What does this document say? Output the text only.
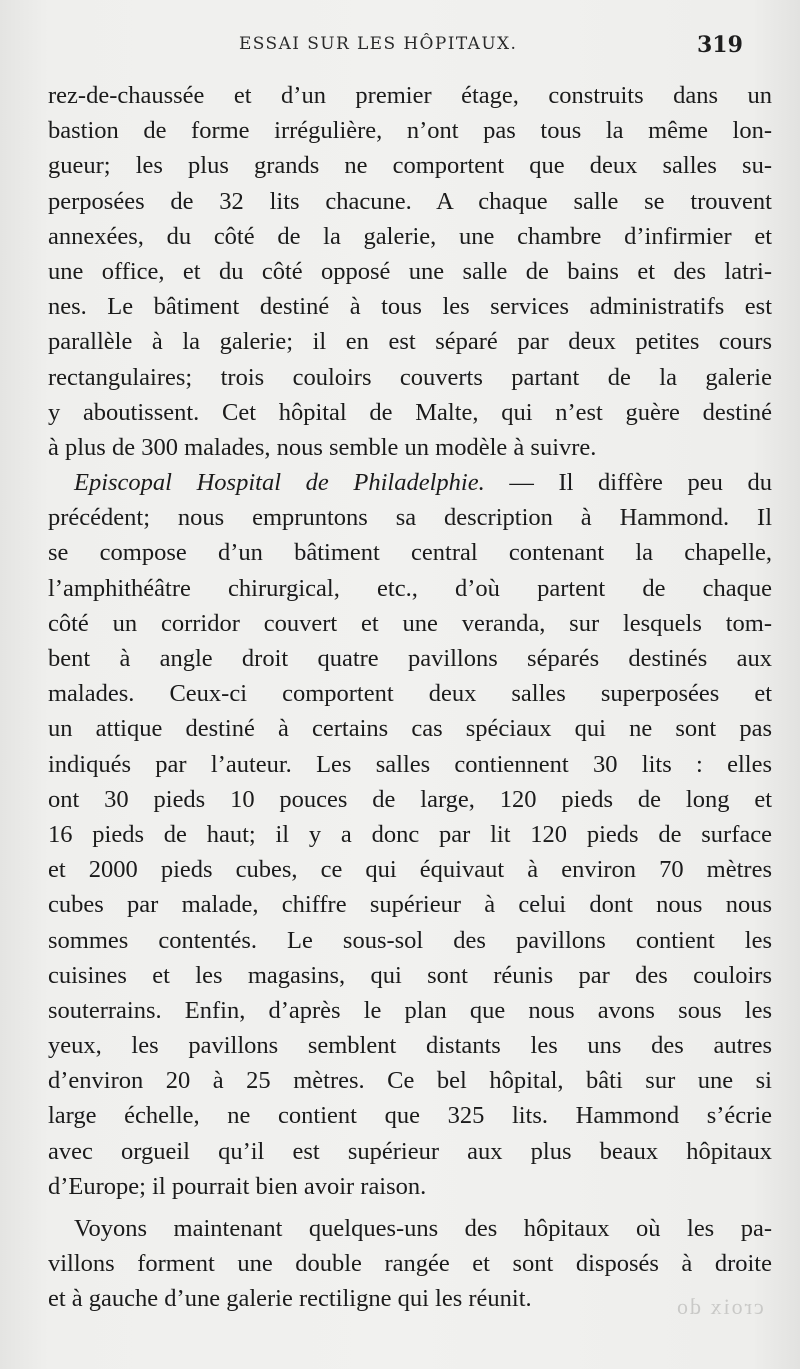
ESSAI SUR LES HÔPITAUX.	319
rez-de-chaussée et d’un premier étage, construits dans un
bastion de forme irrégulière, n’ont pas tous la même lon-
gueur; les plus grands ne comportent que deux salles su-
perposées de 32 lits chacune. A chaque salle se trouvent
annexées, du côté de la galerie, une chambre d’infirmier et
une office, et du côté opposé une salle de bains et des latri-
nes. Le bâtiment destiné à tous les services administratifs est
parallèle à la galerie; il en est séparé par deux petites cours
rectangulaires; trois couloirs couverts partant de la galerie
y aboutissent. Cet hôpital de Malte, qui n’est guère destiné
à plus de 300 malades, nous semble un modèle à suivre.
Episcopal Hospital de Philadelphie. — Il diffère peu du
précédent; nous empruntons sa description à Hammond. Il
se compose d’un bâtiment central contenant la chapelle,
l’amphithéâtre chirurgical, etc., d’où partent de chaque
côté un corridor couvert et une veranda, sur lesquels tom-
bent à angle droit quatre pavillons séparés destinés aux
malades. Ceux-ci comportent deux salles superposées et
un attique destiné à certains cas spéciaux qui ne sont pas
indiqués par l’auteur. Les salles contiennent 30 lits : elles
ont 30 pieds 10 pouces de large, 120 pieds de long et
16 pieds de haut; il y a donc par lit 120 pieds de surface
et 2000 pieds cubes, ce qui équivaut à environ 70 mètres
cubes par malade, chiffre supérieur à celui dont nous nous
sommes contentés. Le sous-sol des pavillons contient les
cuisines et les magasins, qui sont réunis par des couloirs
souterrains. Enfin, d’après le plan que nous avons sous les
yeux, les pavillons semblent distants les uns des autres
d’environ 20 à 25 mètres. Ce bel hôpital, bâti sur une si
large échelle, ne contient que 325 lits. Hammond s’écrie
avec orgueil qu’il est supérieur aux plus beaux hôpitaux
d’Europe; il pourrait bien avoir raison.
Voyons maintenant quelques-uns des hôpitaux où les pa-
villons forment une double rangée et sont disposés à droite
et à gauche d’une galerie rectiligne qui les réunit.	croix do
